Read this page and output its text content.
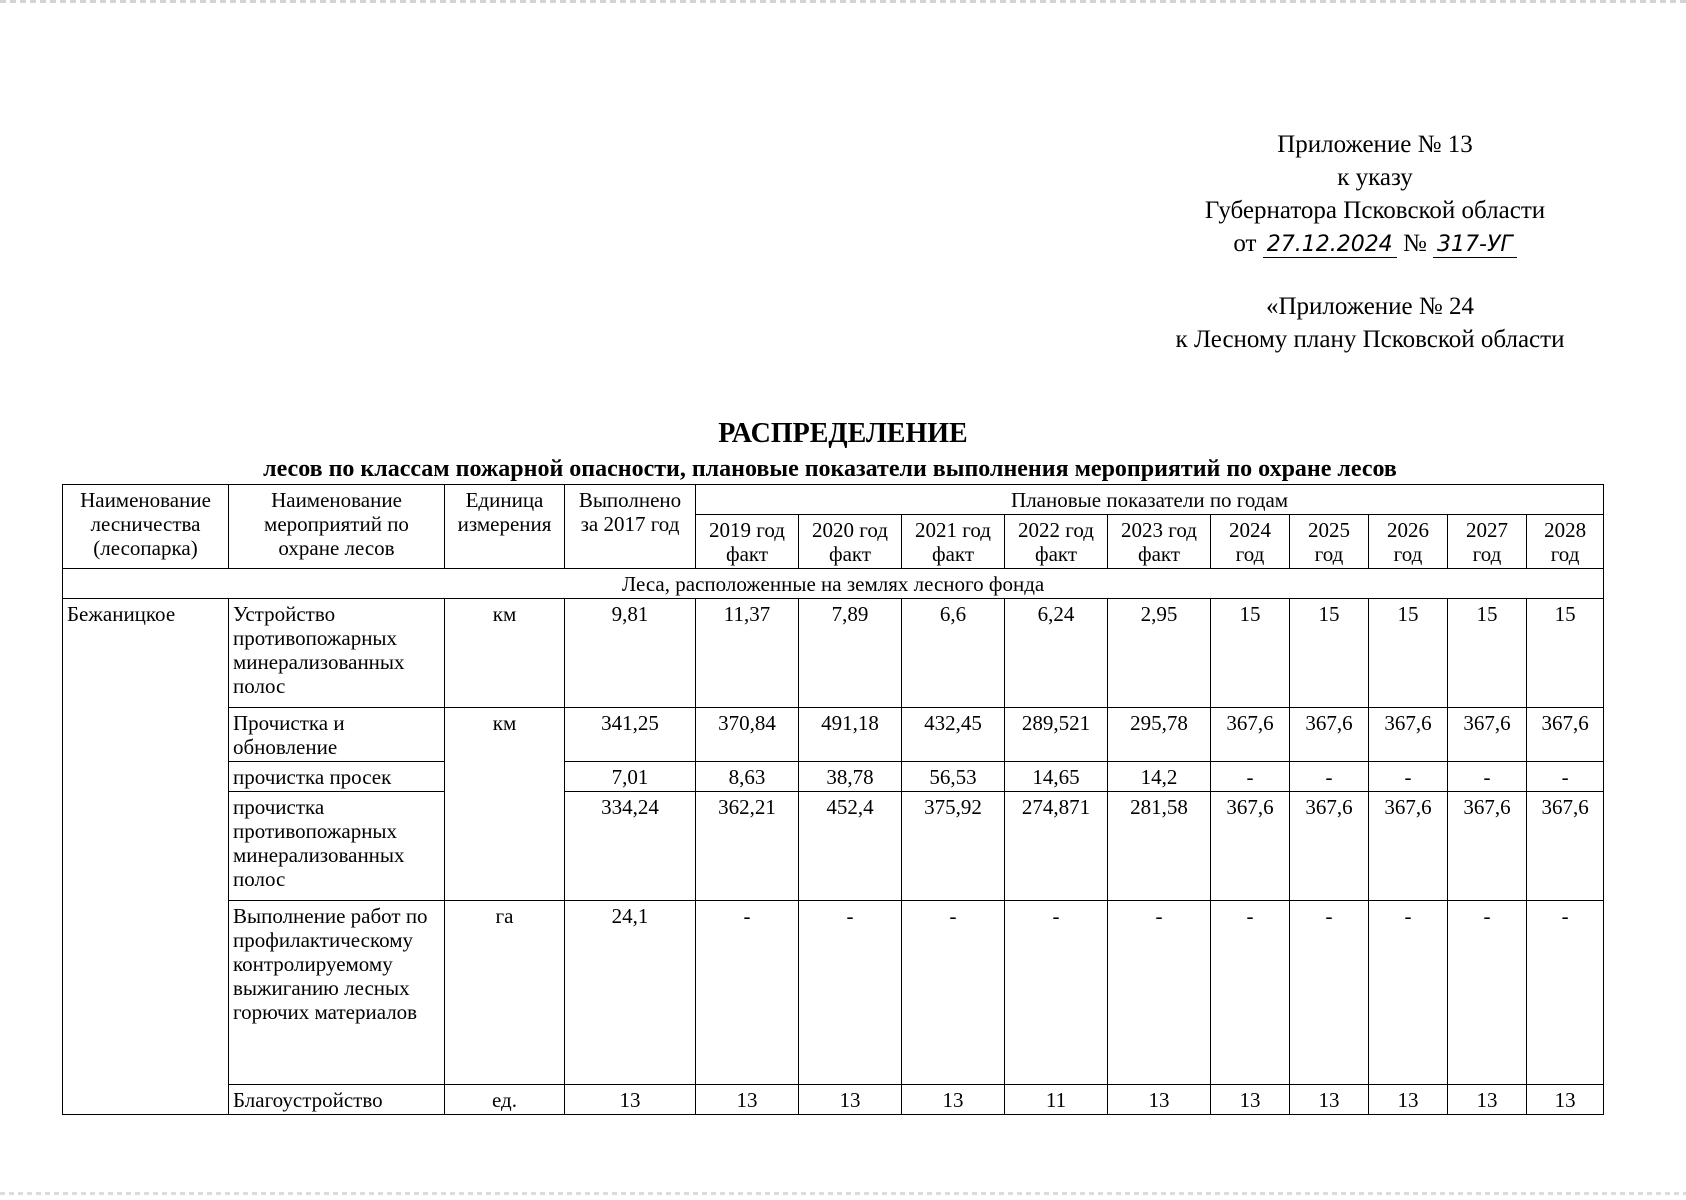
Приложение № 13
к указу
Губернатора Псковской области
от 27.12.2024 № 317-УГ
«Приложение № 24
к Лесному плану Псковской области
РАСПРЕДЕЛЕНИЕ
лесов по классам пожарной опасности, плановые показатели выполнения мероприятий по охране лесов
Наименование лесничества (лесопарка)	Наименование мероприятий по охране лесов	Единица измерения	Выполнено за 2017 год	Плановые показатели по годам									
				2019 год факт	2020 год факт	2021 год факт	2022 год факт	2023 год факт	2024 год	2025 год	2026 год	2027 год	2028 год
Леса, расположенные на землях лесного фонда													
Бежаницкое	Устройство противопожарных минерализованных полос	км	9,81	11,37	7,89	6,6	6,24	2,95	15	15	15	15	15
	Прочистка и обновление	км	341,25	370,84	491,18	432,45	289,521	295,78	367,6	367,6	367,6	367,6	367,6
	прочистка просек		7,01	8,63	38,78	56,53	14,65	14,2	-	-	-	-	-
	прочистка противопожарных минерализованных полос		334,24	362,21	452,4	375,92	274,871	281,58	367,6	367,6	367,6	367,6	367,6
	Выполнение работ по профилактическому контролируемому выжиганию лесных горючих материалов	га	24,1	-	-	-	-	-	-	-	-	-	-
	Благоустройство	ед.	13	13	13	13	11	13	13	13	13	13	13
